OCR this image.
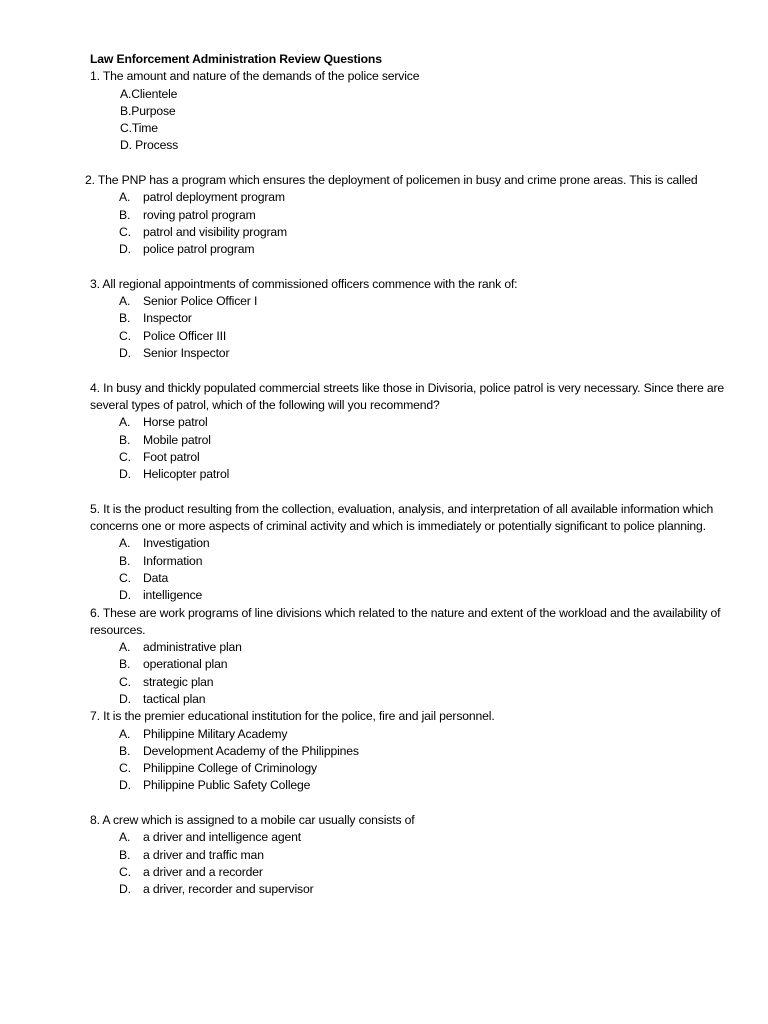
Law Enforcement Administration Review Questions

1. The amount and nature of the demands of the police service

A.Clientele
B.Purpose
C.Time
D. Process

2. The PNP has a program which ensures the deployment of policemen in busy and crime prone areas. This is called

A. patrol deployment program
B. roving patrol program
C. patrol and visibility program
D. police patrol program

3. All regional appointments of commissioned officers commence with the rank of:

A. Senior Police Officer I
B. Inspector
C. Police Officer III
D. Senior Inspector

4. In busy and thickly populated commercial streets like those in Divisoria, police patrol is very necessary. Since there are several types of patrol, which of the following will you recommend?

A. Horse patrol
B. Mobile patrol
C. Foot patrol
D. Helicopter patrol

5. It is the product resulting from the collection, evaluation, analysis, and interpretation of all available information which concerns one or more aspects of criminal activity and which is immediately or potentially significant to police planning.

A. Investigation
B. Information
C. Data
D. intelligence

6. These are work programs of line divisions which related to the nature and extent of the workload and the availability of resources.

A. administrative plan
B. operational plan
C. strategic plan
D. tactical plan

7. It is the premier educational institution for the police, fire and jail personnel.

A. Philippine Military Academy
B. Development Academy of the Philippines
C. Philippine College of Criminology
D. Philippine Public Safety College

8. A crew which is assigned to a mobile car usually consists of

A. a driver and intelligence agent
B. a driver and traffic man
C. a driver and a recorder
D. a driver, recorder and supervisor
